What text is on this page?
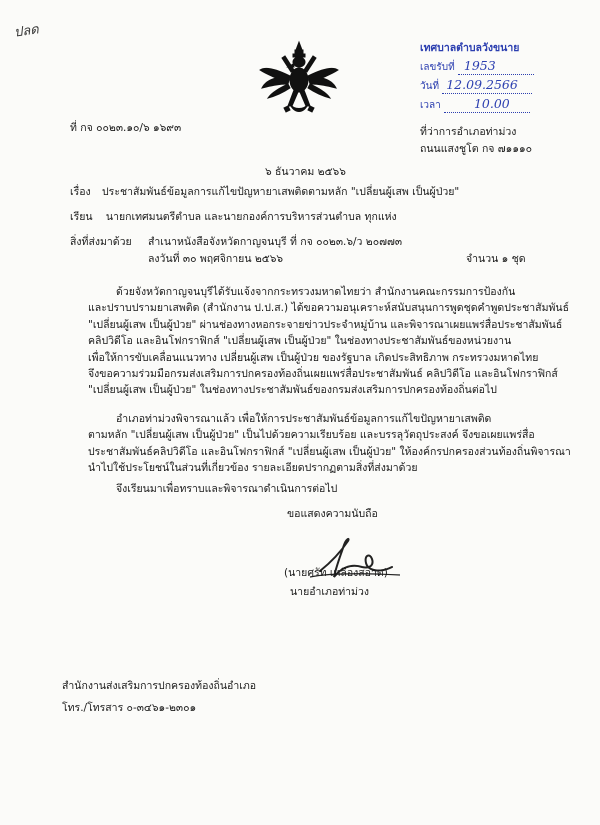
ปลด
เทศบาลตำบลวังขนาย
เลขรับที่ 1953
วันที่ 12.09.2566
เวลา	10.00
ที่ กจ ๐๐๒๓.๑๐/๖ ๑๖๙๓	ที่ว่าการอำเภอท่าม่วง
ถนนแสงชูโต กจ ๗๑๑๑๐
๖ ธันวาคม ๒๕๖๖
เรื่อง ประชาสัมพันธ์ข้อมูลการแก้ไขปัญหายาเสพติดตามหลัก "เปลี่ยนผู้เสพ เป็นผู้ป่วย"
เรียน นายกเทศมนตรีตำบล และนายกองค์การบริหารส่วนตำบล ทุกแห่ง
สิ่งที่ส่งมาด้วย สำเนาหนังสือจังหวัดกาญจนบุรี ที่ กจ ๐๐๒๓.๖/ว ๒๐๗๗๓
ลงวันที่ ๓๐ พฤศจิกายน ๒๕๖๖	จำนวน ๑ ชุด
ด้วยจังหวัดกาญจนบุรีได้รับแจ้งจากกระทรวงมหาดไทยว่า สำนักงานคณะกรรมการป้องกัน
และปราบปรามยาเสพติด (สำนักงาน ป.ป.ส.) ได้ขอความอนุเคราะห์สนับสนุนการพูดชุดคำพูดประชาสัมพันธ์
"เปลี่ยนผู้เสพ เป็นผู้ป่วย" ผ่านช่องทางหอกระจายข่าวประจำหมู่บ้าน และพิจารณาเผยแพร่สื่อประชาสัมพันธ์
คลิปวิดีโอ และอินโฟกราฟิกส์ "เปลี่ยนผู้เสพ เป็นผู้ป่วย" ในช่องทางประชาสัมพันธ์ของหน่วยงาน
เพื่อให้การขับเคลื่อนแนวทาง เปลี่ยนผู้เสพ เป็นผู้ป่วย ของรัฐบาล เกิดประสิทธิภาพ กระทรวงมหาดไทย
จึงขอความร่วมมือกรมส่งเสริมการปกครองท้องถิ่นเผยแพร่สื่อประชาสัมพันธ์ คลิปวิดีโอ และอินโฟกราฟิกส์
"เปลี่ยนผู้เสพ เป็นผู้ป่วย" ในช่องทางประชาสัมพันธ์ของกรมส่งเสริมการปกครองท้องถิ่นต่อไป
อำเภอท่าม่วงพิจารณาแล้ว เพื่อให้การประชาสัมพันธ์ข้อมูลการแก้ไขปัญหายาเสพติด
ตามหลัก "เปลี่ยนผู้เสพ เป็นผู้ป่วย" เป็นไปด้วยความเรียบร้อย และบรรลุวัตถุประสงค์ จึงขอเผยแพร่สื่อ
ประชาสัมพันธ์คลิปวิดีโอ และอินโฟกราฟิกส์ "เปลี่ยนผู้เสพ เป็นผู้ป่วย" ให้องค์กรปกครองส่วนท้องถิ่นพิจารณา
นำไปใช้ประโยชน์ในส่วนที่เกี่ยวข้อง รายละเอียดปรากฏตามสิ่งที่ส่งมาด้วย
จึงเรียนมาเพื่อทราบและพิจารณาดำเนินการต่อไป
ขอแสดงความนับถือ
(นายศรัท เหลืองสอาด)
นายอำเภอท่าม่วง
สำนักงานส่งเสริมการปกครองท้องถิ่นอำเภอ
โทร./โทรสาร ๐-๓๔๖๑-๒๓๐๑
